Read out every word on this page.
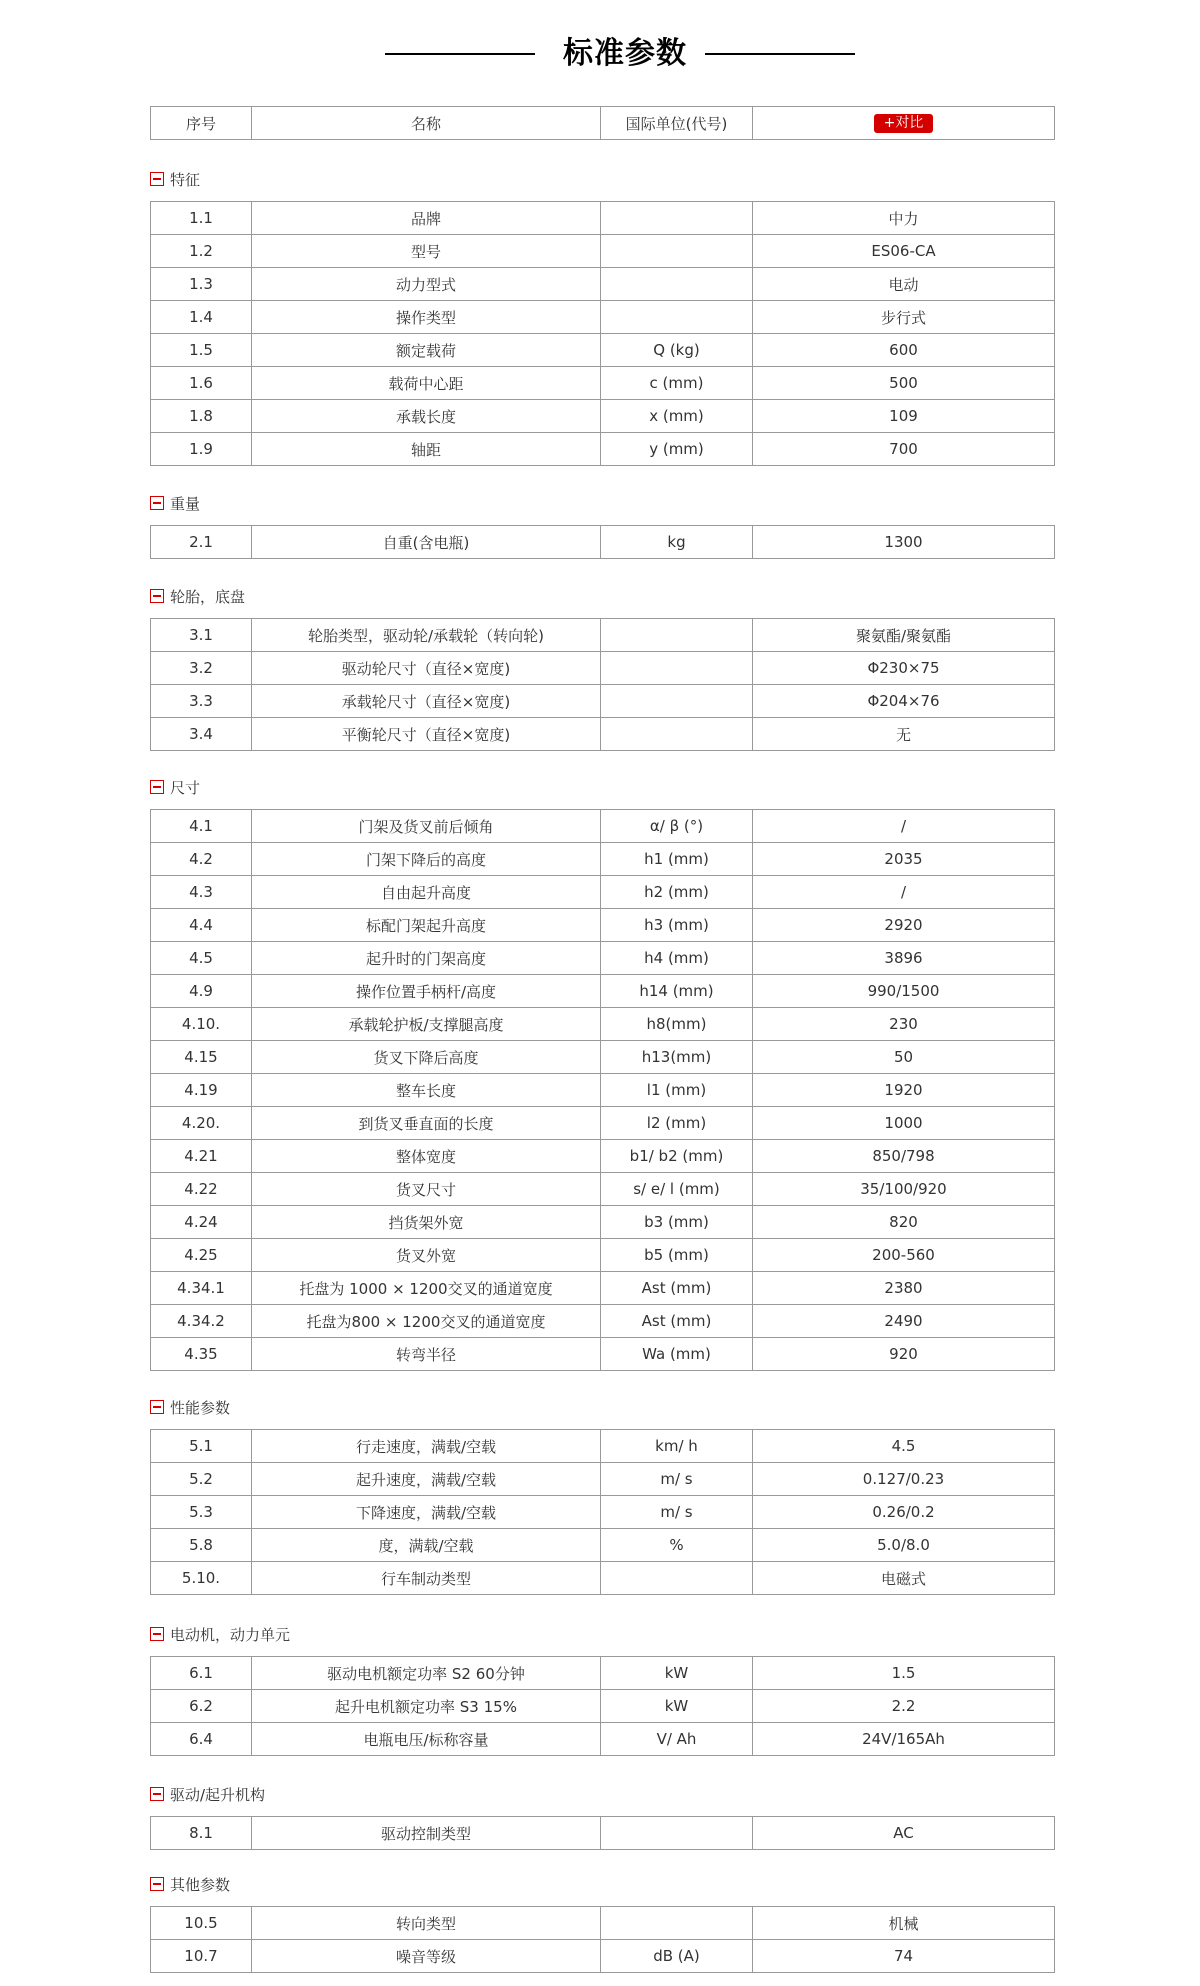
标准参数
序号	名称	国际单位(代号)	+对比
特征
1.1	品牌		中力
1.2	型号		ES06-CA
1.3	动力型式		电动
1.4	操作类型		步行式
1.5	额定载荷	Q (kg)	600
1.6	载荷中心距	c (mm)	500
1.8	承载长度	x (mm)	109
1.9	轴距	y (mm)	700
重量
2.1	自重(含电瓶)	kg	1300
轮胎，底盘
3.1	轮胎类型，驱动轮/承载轮（转向轮)		聚氨酯/聚氨酯
3.2	驱动轮尺寸（直径×宽度)		Φ230×75
3.3	承载轮尺寸（直径×宽度)		Φ204×76
3.4	平衡轮尺寸（直径×宽度)		无
尺寸
4.1	门架及货叉前后倾角	α/ β (°)	/
4.2	门架下降后的高度	h1 (mm)	2035
4.3	自由起升高度	h2 (mm)	/
4.4	标配门架起升高度	h3 (mm)	2920
4.5	起升时的门架高度	h4 (mm)	3896
4.9	操作位置手柄杆/高度	h14 (mm)	990/1500
4.10.	承载轮护板/支撑腿高度	h8(mm)	230
4.15	货叉下降后高度	h13(mm)	50
4.19	整车长度	l1 (mm)	1920
4.20.	到货叉垂直面的长度	l2 (mm)	1000
4.21	整体宽度	b1/ b2 (mm)	850/798
4.22	货叉尺寸	s/ e/ l (mm)	35/100/920
4.24	挡货架外宽	b3 (mm)	820
4.25	货叉外宽	b5 (mm)	200-560
4.34.1	托盘为 1000 × 1200交叉的通道宽度	Ast (mm)	2380
4.34.2	托盘为800 × 1200交叉的通道宽度	Ast (mm)	2490
4.35	转弯半径	Wa (mm)	920
性能参数
5.1	行走速度，满载/空载	km/ h	4.5
5.2	起升速度，满载/空载	m/ s	0.127/0.23
5.3	下降速度，满载/空载	m/ s	0.26/0.2
5.8	度，满载/空载	%	5.0/8.0
5.10.	行车制动类型		电磁式
电动机，动力单元
6.1	驱动电机额定功率 S2 60分钟	kW	1.5
6.2	起升电机额定功率 S3 15%	kW	2.2
6.4	电瓶电压/标称容量	V/ Ah	24V/165Ah
驱动/起升机构
8.1	驱动控制类型		AC
其他参数
10.5	转向类型		机械
10.7	噪音等级	dB (A)	74
